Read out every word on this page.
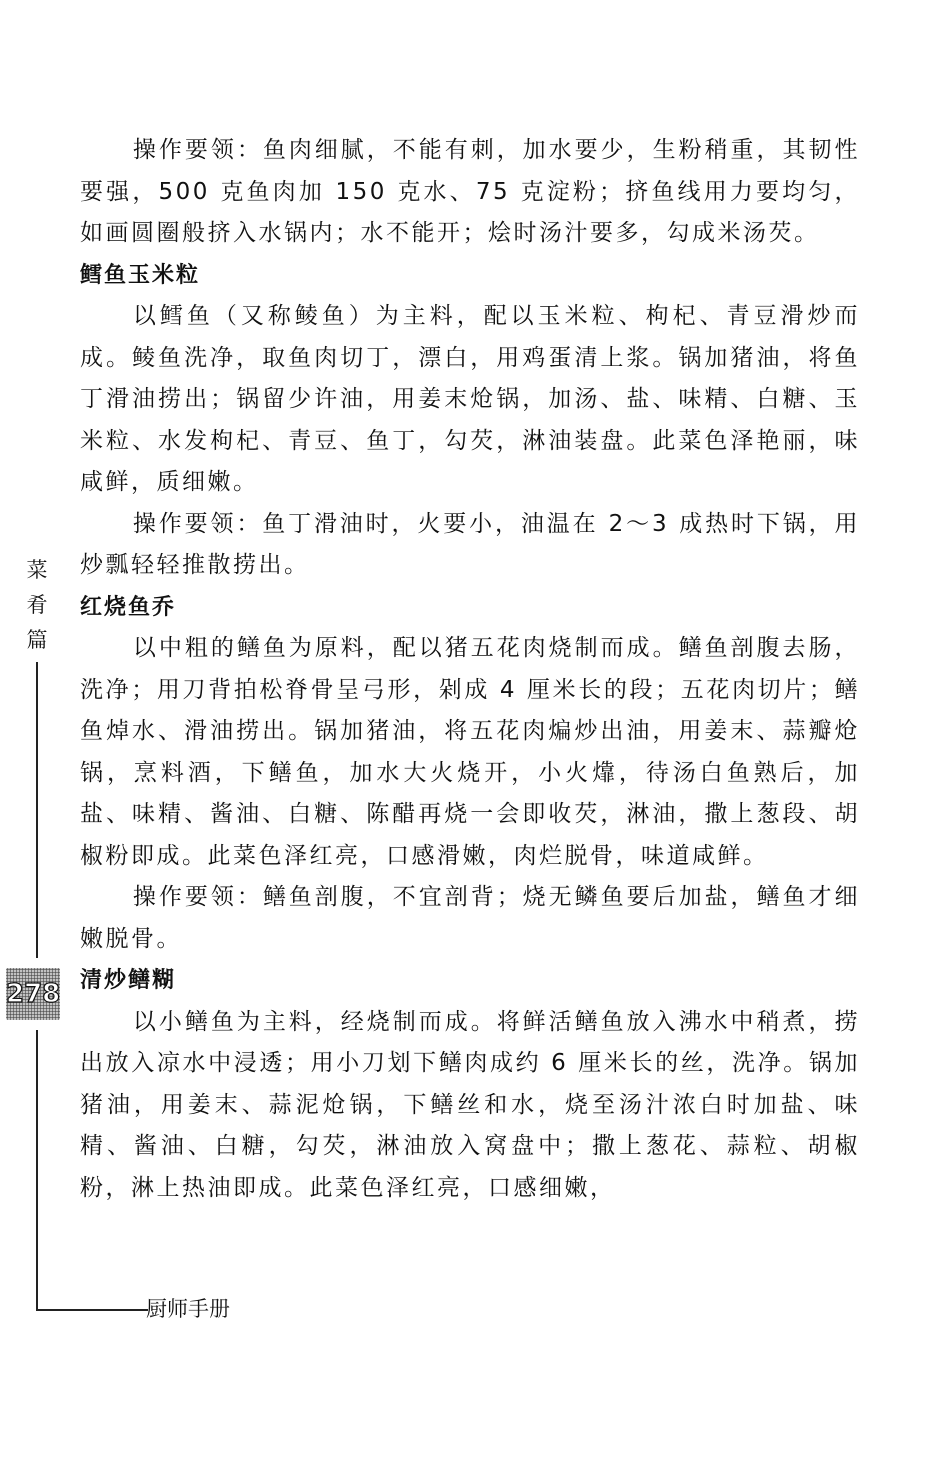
操作要领：鱼肉细腻，不能有刺，加水要少，生粉稍重，其韧性要强，500 克鱼肉加 150 克水、75 克淀粉；挤鱼线用力要均匀，如画圆圈般挤入水锅内；水不能开；烩时汤汁要多，勾成米汤芡。

鳕鱼玉米粒

以鳕鱼（又称鲮鱼）为主料，配以玉米粒、枸杞、青豆滑炒而成。鲮鱼洗净，取鱼肉切丁，漂白，用鸡蛋清上浆。锅加猪油，将鱼丁滑油捞出；锅留少许油，用姜末炝锅，加汤、盐、味精、白糖、玉米粒、水发枸杞、青豆、鱼丁，勾芡，淋油装盘。此菜色泽艳丽，味咸鲜，质细嫩。

操作要领：鱼丁滑油时，火要小，油温在 2～3 成热时下锅，用炒瓢轻轻推散捞出。

红烧鱼乔

以中粗的鳝鱼为原料，配以猪五花肉烧制而成。鳝鱼剖腹去肠，洗净；用刀背拍松脊骨呈弓形，剁成 4 厘米长的段；五花肉切片；鳝鱼焯水、滑油捞出。锅加猪油，将五花肉煸炒出油，用姜末、蒜瓣炝锅，烹料酒，下鳝鱼，加水大火烧开，小火㸆，待汤白鱼熟后，加盐、味精、酱油、白糖、陈醋再烧一会即收芡，淋油，撒上葱段、胡椒粉即成。此菜色泽红亮，口感滑嫩，肉烂脱骨，味道咸鲜。

操作要领：鳝鱼剖腹，不宜剖背；烧无鳞鱼要后加盐，鳝鱼才细嫩脱骨。

清炒鳝糊

以小鳝鱼为主料，经烧制而成。将鲜活鳝鱼放入沸水中稍煮，捞出放入凉水中浸透；用小刀划下鳝肉成约 6 厘米长的丝，洗净。锅加猪油，用姜末、蒜泥炝锅，下鳝丝和水，烧至汤汁浓白时加盐、味精、酱油、白糖，勾芡，淋油放入窝盘中；撒上葱花、蒜粒、胡椒粉，淋上热油即成。此菜色泽红亮，口感细嫩，

菜
肴
篇
278
厨师手册
